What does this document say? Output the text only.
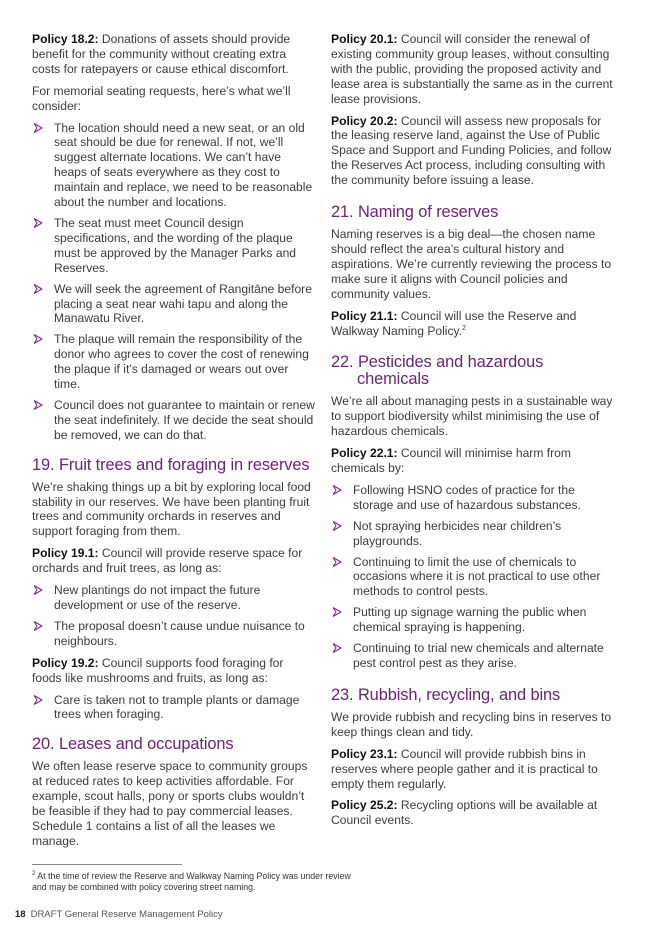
Policy 18.2: Donations of assets should provide benefit for the community without creating extra costs for ratepayers or cause ethical discomfort.

For memorial seating requests, here’s what we’ll consider:

The location should need a new seat, or an old seat should be due for renewal. If not, we’ll suggest alternate locations. We can’t have heaps of seats everywhere as they cost to maintain and replace, we need to be reasonable about the number and locations.
The seat must meet Council design specifications, and the wording of the plaque must be approved by the Manager Parks and Reserves.
We will seek the agreement of Rangitāne before placing a seat near wahi tapu and along the Manawatu River.
The plaque will remain the responsibility of the donor who agrees to cover the cost of renewing the plaque if it’s damaged or wears out over time.
Council does not guarantee to maintain or renew the seat indefinitely. If we decide the seat should be removed, we can do that.
19. Fruit trees and foraging in reserves

We’re shaking things up a bit by exploring local food stability in our reserves. We have been planting fruit trees and community orchards in reserves and support foraging from them.

Policy 19.1: Council will provide reserve space for orchards and fruit trees, as long as:

New plantings do not impact the future development or use of the reserve.
The proposal doesn’t cause undue nuisance to neighbours.

Policy 19.2: Council supports food foraging for foods like mushrooms and fruits, as long as:

Care is taken not to trample plants or damage trees when foraging.
20. Leases and occupations

We often lease reserve space to community groups at reduced rates to keep activities affordable. For example, scout halls, pony or sports clubs wouldn’t be feasible if they had to pay commercial leases. Schedule 1 contains a list of all the leases we manage.

Policy 20.1: Council will consider the renewal of existing community group leases, without consulting with the public, providing the proposed activity and lease area is substantially the same as in the current lease provisions.

Policy 20.2: Council will assess new proposals for the leasing reserve land, against the Use of Public Space and Support and Funding Policies, and follow the Reserves Act process, including consulting with the community before issuing a lease.

21. Naming of reserves

Naming reserves is a big deal—the chosen name should reflect the area’s cultural history and aspirations. We’re currently reviewing the process to make sure it aligns with Council policies and community values.

Policy 21.1: Council will use the Reserve and Walkway Naming Policy.$^2$

22. Pesticides and hazardous
chemicals

We’re all about managing pests in a sustainable way to support biodiversity whilst minimising the use of hazardous chemicals.

Policy 22.1: Council will minimise harm from chemicals by:

Following HSNO codes of practice for the storage and use of hazardous substances.
Not spraying herbicides near children’s playgrounds.
Continuing to limit the use of chemicals to occasions where it is not practical to use other methods to control pests.
Putting up signage warning the public when chemical spraying is happening.
Continuing to trial new chemicals and alternate pest control pest as they arise.
23. Rubbish, recycling, and bins

We provide rubbish and recycling bins in reserves to keep things clean and tidy.

Policy 23.1: Council will provide rubbish bins in reserves where people gather and it is practical to empty them regularly.

Policy 25.2: Recycling options will be available at Council events.

$^2$ At the time of review the Reserve and Walkway Naming Policy was under review and may be combined with policy covering street naming.
18 DRAFT General Reserve Management Policy
